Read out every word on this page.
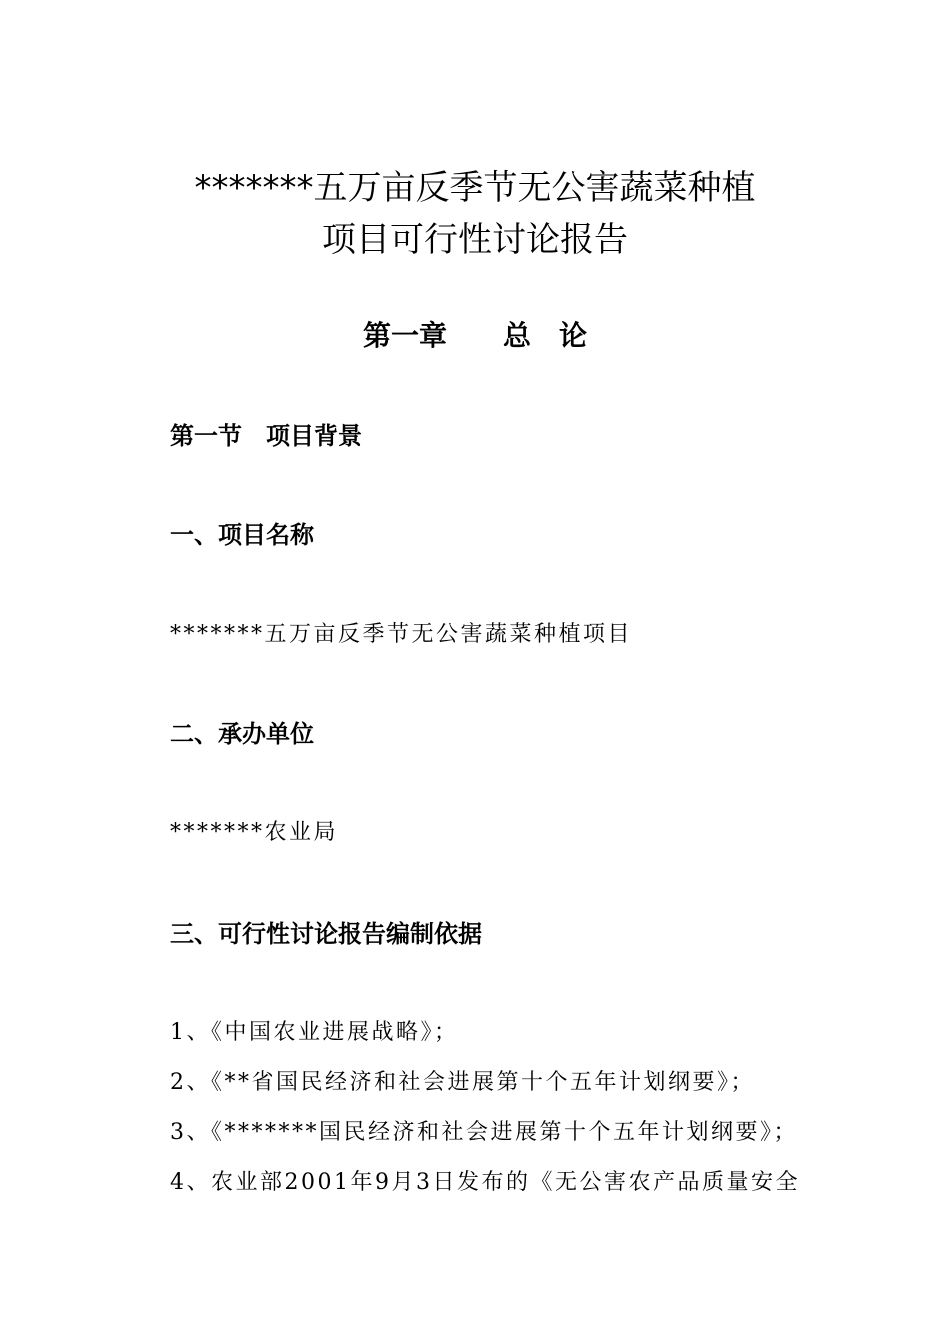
*******五万亩反季节无公害蔬菜种植
项目可行性讨论报告
第一章　　总　论
第一节　项目背景
一、项目名称
*******五万亩反季节无公害蔬菜种植项目
二、承办单位
*******农业局
三、可行性讨论报告编制依据
1、《中国农业进展战略》；
2、《**省国民经济和社会进展第十个五年计划纲要》；
3、《*******国民经济和社会进展第十个五年计划纲要》；
4、农业部2001年9月3日发布的《无公害农产品质量安全
